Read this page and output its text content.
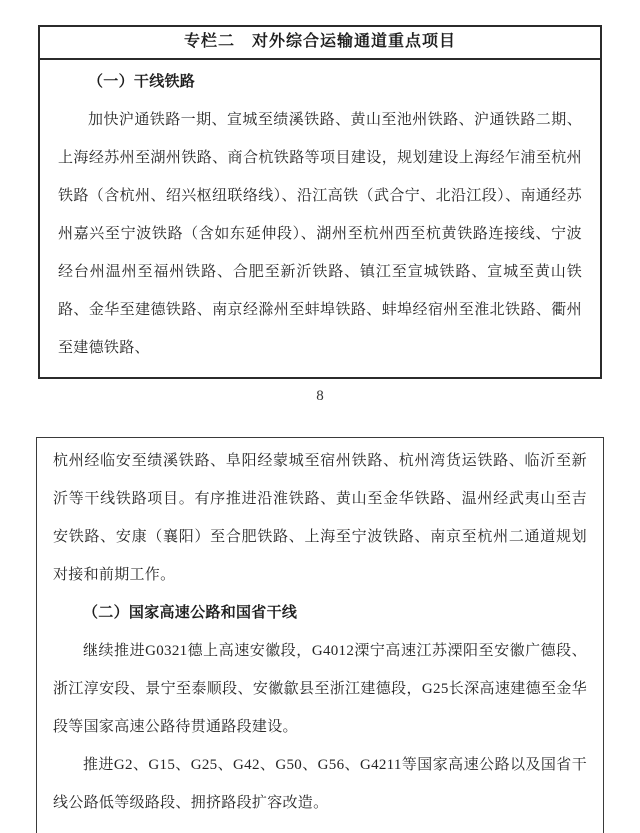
专栏二　对外综合运输通道重点项目

（一）干线铁路

加快沪通铁路一期、宣城至绩溪铁路、黄山至池州铁路、沪通铁路二期、上海经苏州至湖州铁路、商合杭铁路等项目建设，规划建设上海经乍浦至杭州铁路（含杭州、绍兴枢纽联络线）、沿江高铁（武合宁、北沿江段）、南通经苏州嘉兴至宁波铁路（含如东延伸段）、湖州至杭州西至杭黄铁路连接线、宁波经台州温州至福州铁路、合肥至新沂铁路、镇江至宣城铁路、宣城至黄山铁路、金华至建德铁路、南京经滁州至蚌埠铁路、蚌埠经宿州至淮北铁路、衢州至建德铁路、

8

杭州经临安至绩溪铁路、阜阳经蒙城至宿州铁路、杭州湾货运铁路、临沂至新沂等干线铁路项目。有序推进沿淮铁路、黄山至金华铁路、温州经武夷山至吉安铁路、安康（襄阳）至合肥铁路、上海至宁波铁路、南京至杭州二通道规划对接和前期工作。

（二）国家高速公路和国省干线

继续推进G0321德上高速安徽段，G4012溧宁高速江苏溧阳至安徽广德段、浙江淳安段、景宁至泰顺段、安徽歙县至浙江建德段，G25长深高速建德至金华段等国家高速公路待贯通路段建设。

推进G2、G15、G25、G42、G50、G56、G4211等国家高速公路以及国省干线公路低等级路段、拥挤路段扩容改造。
